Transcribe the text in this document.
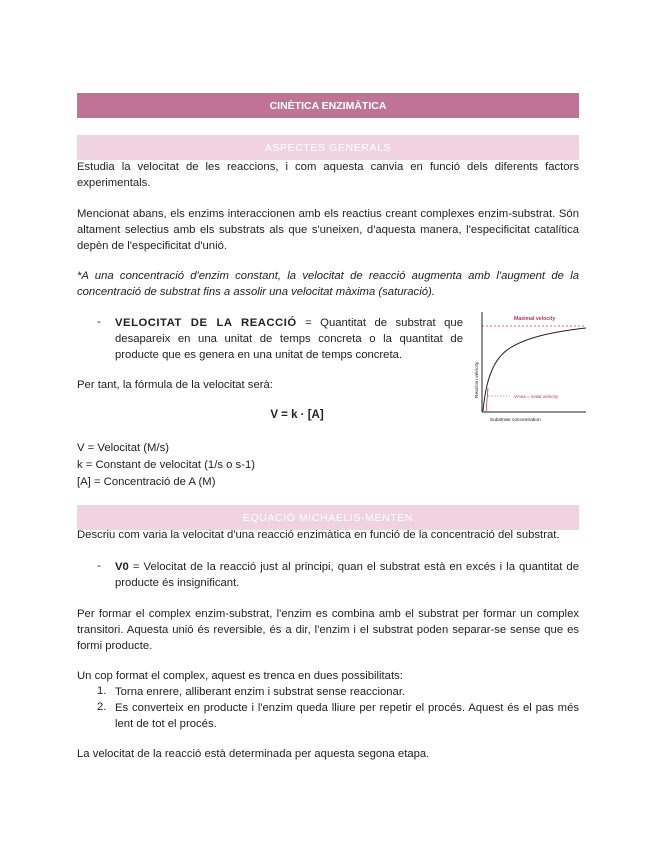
CINÈTICA ENZIMÀTICA
ASPECTES GENERALS

Estudia la velocitat de les reaccions, i com aquesta canvia en funció dels diferents factors experimentals.

Mencionat abans, els enzims interaccionen amb els reactius creant complexes enzim-substrat. Són altament selectius amb els substrats als que s'uneixen, d'aquesta manera, l'especificitat catalítica depèn de l'especificitat d'unió.

*A una concentració d'enzim constant, la velocitat de reacció augmenta amb l'augment de la concentració de substrat fins a assolir una velocitat màxima (saturació).

- VELOCITAT DE LA REACCIÓ = Quantitat de substrat que desapareix en una unitat de temps concreta o la quantitat de producte que es genera en una unitat de temps concreta.

Per tant, la fórmula de la velocitat serà:

V = k · [A]
V = Velocitat (M/s)
k = Constant de velocitat (1/s o s-1)
[A] = Concentració de A (M)
Maximal velocity
Vmax = initial velocity
Reaction velocity
Substrate concentration
EQUACIÓ MICHAELIS-MENTEN

Descriu com varia la velocitat d'una reacció enzimàtica en funció de la concentració del substrat.

- V0 = Velocitat de la reacció just al principi, quan el substrat està en excés i la quantitat de producte és insignificant.

Per formar el complex enzim-substrat, l'enzim es combina amb el substrat per formar un complex transitori. Aquesta unió és reversible, és a dir, l'enzim i el substrat poden separar-se sense que es formi producte.

Un cop format el complex, aquest es trenca en dues possibilitats:

1. Torna enrere, alliberant enzim i substrat sense reaccionar.

2. Es converteix en producte i l'enzim queda lliure per repetir el procés. Aquest és el pas més lent de tot el procés.

La velocitat de la reacció està determinada per aquesta segona etapa.
